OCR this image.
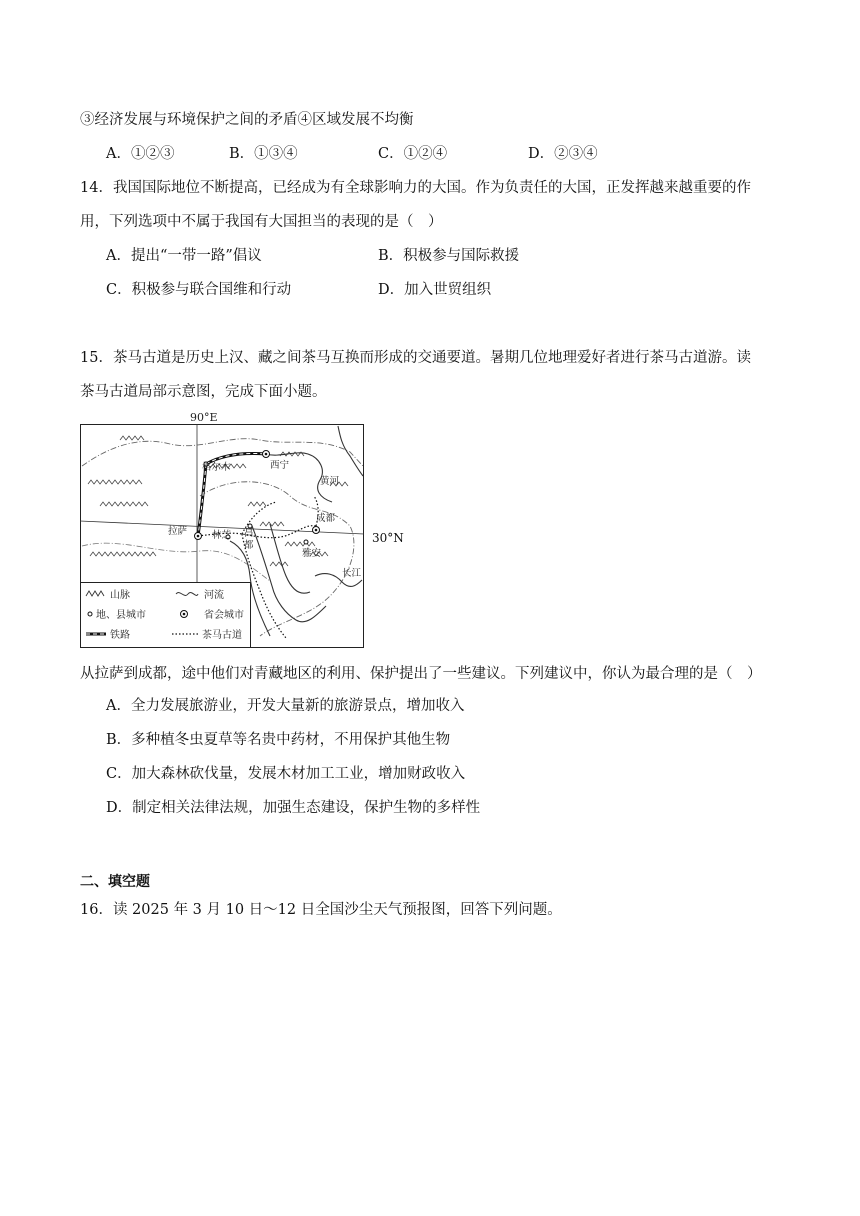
③经济发展与环境保护之间的矛盾④区域发展不均衡
A．①②③	B．①③④	C．①②④	D．②③④
14．我国国际地位不断提高，已经成为有全球影响力的大国。作为负责任的大国，正发挥越来越重要的作
用，下列选项中不属于我国有大国担当的表现的是（　）
A．提出“一带一路”倡议	B．积极参与国际救援
C．积极参与联合国维和行动	D．加入世贸组织
15．茶马古道是历史上汉、藏之间茶马互换而形成的交通要道。暑期几位地理爱好者进行茶马古道游。读
茶马古道局部示意图，完成下面小题。
90°E
格尔木	西宁
黄河
成都
拉萨	林芝 昌
都
雅安
长江
山脉	河流
地、县城市	省会城市
铁路	茶马古道
30°N
从拉萨到成都，途中他们对青藏地区的利用、保护提出了一些建议。下列建议中，你认为最合理的是（　）
A．全力发展旅游业，开发大量新的旅游景点，增加收入
B．多种植冬虫夏草等名贵中药材，不用保护其他生物
C．加大森林砍伐量，发展木材加工工业，增加财政收入
D．制定相关法律法规，加强生态建设，保护生物的多样性
二、填空题
16．读 2025 年 3 月 10 日～12 日全国沙尘天气预报图，回答下列问题。
